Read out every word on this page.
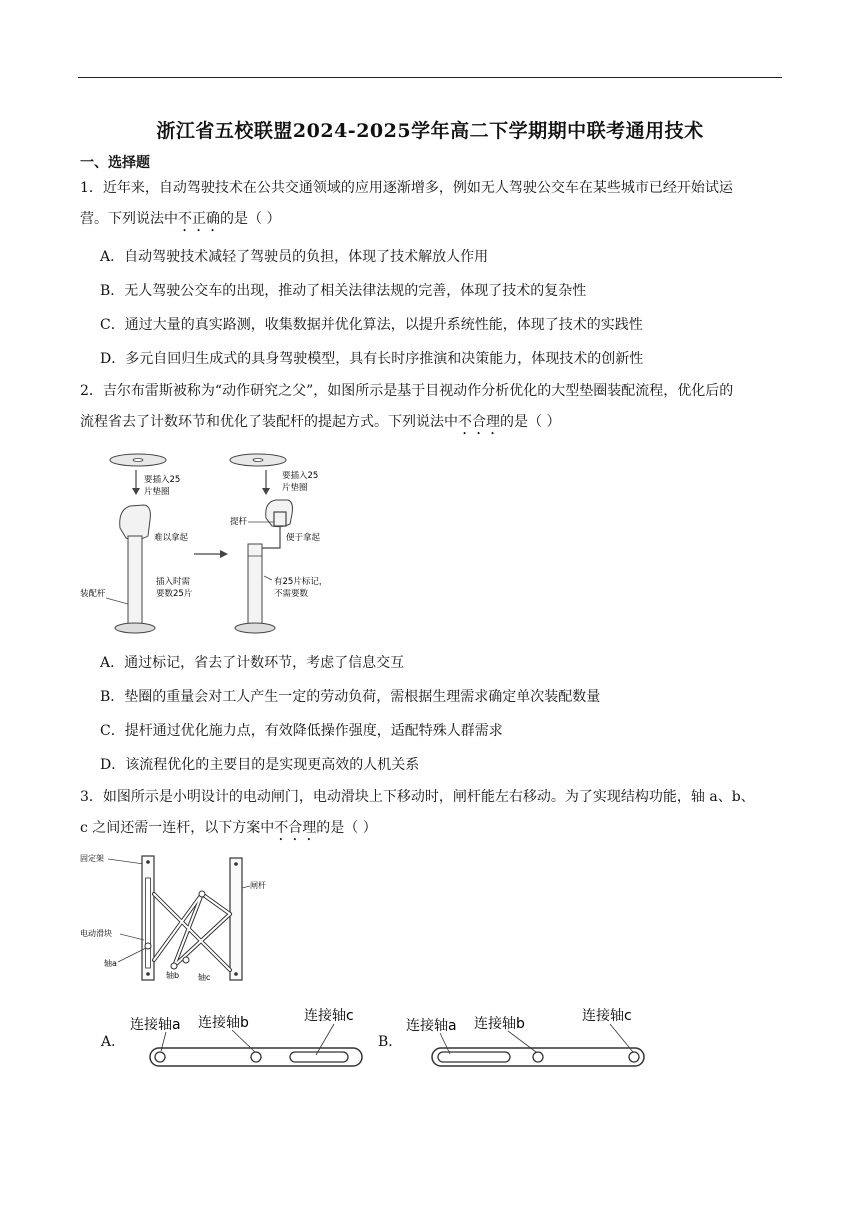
浙江省五校联盟2024-2025学年高二下学期期中联考通用技术
一、选择题
1．近年来，自动驾驶技术在公共交通领域的应用逐渐增多，例如无人驾驶公交车在某些城市已经开始试运
营。下列说法中不正确的是（ ）
A．自动驾驶技术减轻了驾驶员的负担，体现了技术解放人作用
B．无人驾驶公交车的出现，推动了相关法律法规的完善，体现了技术的复杂性
C．通过大量的真实路测，收集数据并优化算法，以提升系统性能，体现了技术的实践性
D．多元自回归生成式的具身驾驶模型，具有长时序推演和决策能力，体现技术的创新性
2．吉尔布雷斯被称为“动作研究之父”，如图所示是基于目视动作分析优化的大型垫圈装配流程，优化后的
流程省去了计数环节和优化了装配杆的提起方式。下列说法中不合理的是（ ）
要插入25
片垫圈
难以拿起
装配杆
插入时需
要数25片
要插入25
片垫圈
提杆
便于拿起
有25片标记，
不需要数
A．通过标记，省去了计数环节，考虑了信息交互
B．垫圈的重量会对工人产生一定的劳动负荷，需根据生理需求确定单次装配数量
C．提杆通过优化施力点，有效降低操作强度，适配特殊人群需求
D．该流程优化的主要目的是实现更高效的人机关系
3．如图所示是小明设计的电动闸门，电动滑块上下移动时，闸杆能左右移动。为了实现结构功能，轴 a、b、
c 之间还需一连杆，以下方案中不合理的是（ ）
固定架
闸杆
电动滑块
轴a
轴b 轴c
A．
连接轴a 连接轴b	连接轴c
B．
连接轴a 连接轴b	连接轴c
